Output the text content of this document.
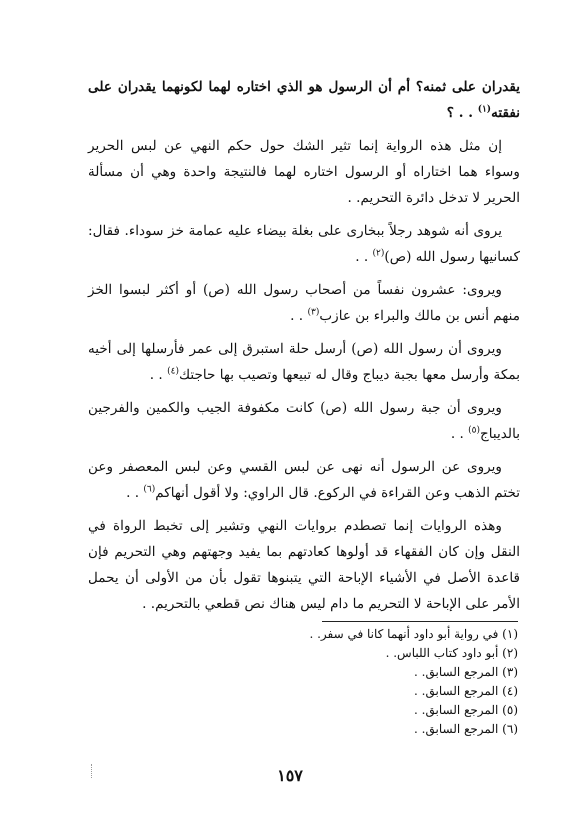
يقدران على ثمنه؟ أم أن الرسول هو الذي اختاره لهما لكونهما يقدران على نفقته$^{(١)}$ . . ؟

إن مثل هذه الرواية إنما تثير الشك حول حكم النهي عن لبس الحرير وسواء هما اختاراه أو الرسول اختاره لهما فالنتيجة واحدة وهي أن مسألة الحرير لا تدخل دائرة التحريم. .

يروى أنه شوهد رجلاً ببخارى على بغلة بيضاء عليه عمامة خز سوداء. فقال: كسانيها رسول الله (ص)$^{(٢)}$ . .

ويروى: عشرون نفساً من أصحاب رسول الله (ص) أو أكثر لبسوا الخز منهم أنس بن مالك والبراء بن عازب$^{(٣)}$ . .

ويروى أن رسول الله (ص) أرسل حلة استبرق إلى عمر فأرسلها إلى أخيه بمكة وأرسل معها بجبة ديباج وقال له تبيعها وتصيب بها حاجتك$^{(٤)}$ . .

ويروى أن جبة رسول الله (ص) كانت مكفوفة الجيب والكمين والفرجين بالديباج$^{(٥)}$ . .

ويروى عن الرسول أنه نهى عن لبس القسي وعن لبس المعصفر وعن تختم الذهب وعن القراءة في الركوع. قال الراوي: ولا أقول أنهاكم$^{(٦)}$ . .

وهذه الروايات إنما تصطدم بروايات النهي وتشير إلى تخبط الرواة في النقل وإن كان الفقهاء قد أولوها كعادتهم بما يفيد وجهتهم وهي التحريم فإن قاعدة الأصل في الأشياء الإباحة التي يتبنوها تقول بأن من الأولى أن يحمل الأمر على الإباحة لا التحريم ما دام ليس هناك نص قطعي بالتحريم. .

(١) في رواية أبو داود أنهما كانا في سفر. .

(٢) أبو داود كتاب اللباس. .

(٣) المرجع السابق. .

(٤) المرجع السابق. .

(٥) المرجع السابق. .

(٦) المرجع السابق. .

١٥٧
